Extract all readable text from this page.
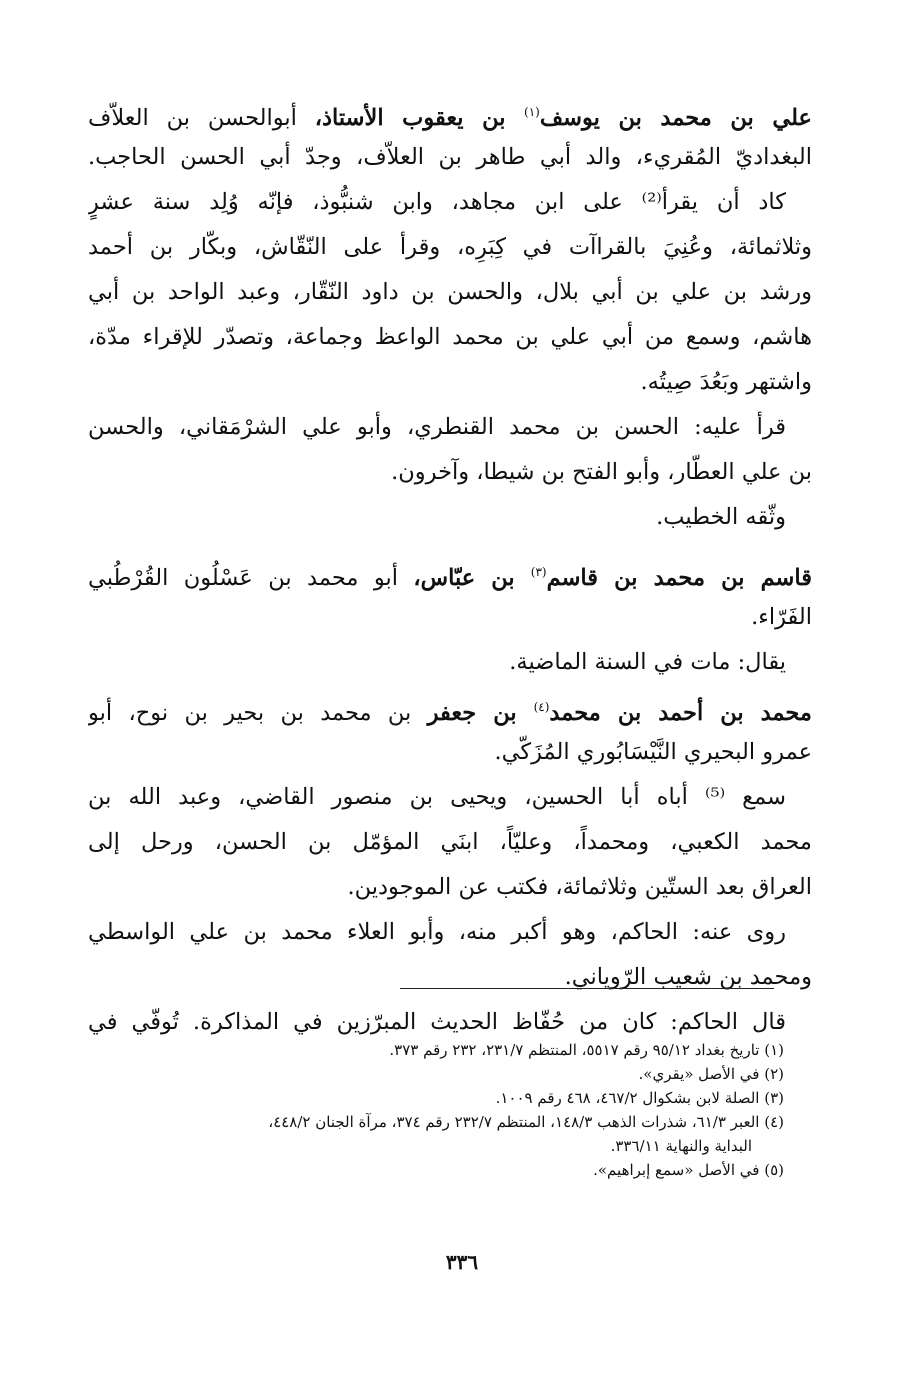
علي بن محمد بن يوسف$^{(١)}$ بن يعقوب الأستاذ، أبوالحسن بن العلاّف
البغداديّ المُقريء، والد أبي طاهر بن العلاّف، وجدّ أبي الحسن الحاجب.
كاد أن يقرأ⁽²⁾ على ابن مجاهد، وابن شنبُّوذ، فإنّه وُلِد سنة عشرٍ
وثلاثمائة، وعُنِيَ بالقراآت في كِبَرِه، وقرأ على النّقّاش، وبكّار بن أحمد
ورشد بن علي بن أبي بلال، والحسن بن داود النّقّار، وعبد الواحد بن أبي
هاشم، وسمع من أبي علي بن محمد الواعظ وجماعة، وتصدّر للإقراء مدّة،
واشتهر وبَعُدَ صِيتُه.
قرأ عليه: الحسن بن محمد القنطري، وأبو علي الشرْمَقاني، والحسن
بن علي العطّار، وأبو الفتح بن شيطا، وآخرون.
وثّقه الخطيب.
قاسم بن محمد بن قاسم$^{(٣)}$ بن عبّاس، أبو محمد بن عَسْلُون القُرْطُبي
الفَرّاء.
يقال: مات في السنة الماضية.
محمد بن أحمد بن محمد$^{(٤)}$ بن جعفر بن محمد بن بحير بن نوح، أبو
عمرو البحيري النَّيْسَابُوري المُزَكّي.
سمع ⁽⁵⁾ أباه أبا الحسين، ويحيى بن منصور القاضي، وعبد الله بن
محمد الكعبي، ومحمداً، وعليّاً، ابنَي المؤمّل بن الحسن، ورحل إلى
العراق بعد الستّين وثلاثمائة، فكتب عن الموجودين.
روى عنه: الحاكم، وهو أكبر منه، وأبو العلاء محمد بن علي الواسطي
ومحمد بن شعيب الرّوياني.
قال الحاكم: كان من حُفّاظ الحديث المبرّزين في المذاكرة. تُوفّي في
(١) تاريخ بغداد ٩٥/١٢ رقم ٥٥١٧، المنتظم ٢٣١/٧، ٢٣٢ رقم ٣٧٣.
(٢) في الأصل «يقري».
(٣) الصلة لابن بشكوال ٤٦٧/٢، ٤٦٨ رقم ١٠٠٩.
(٤) العبر ٦١/٣، شذرات الذهب ١٤٨/٣، المنتظم ٢٣٢/٧ رقم ٣٧٤، مرآة الجنان ٤٤٨/٢،
البداية والنهاية ٣٣٦/١١.
(٥) في الأصل «سمع إبراهيم».
٣٣٦
